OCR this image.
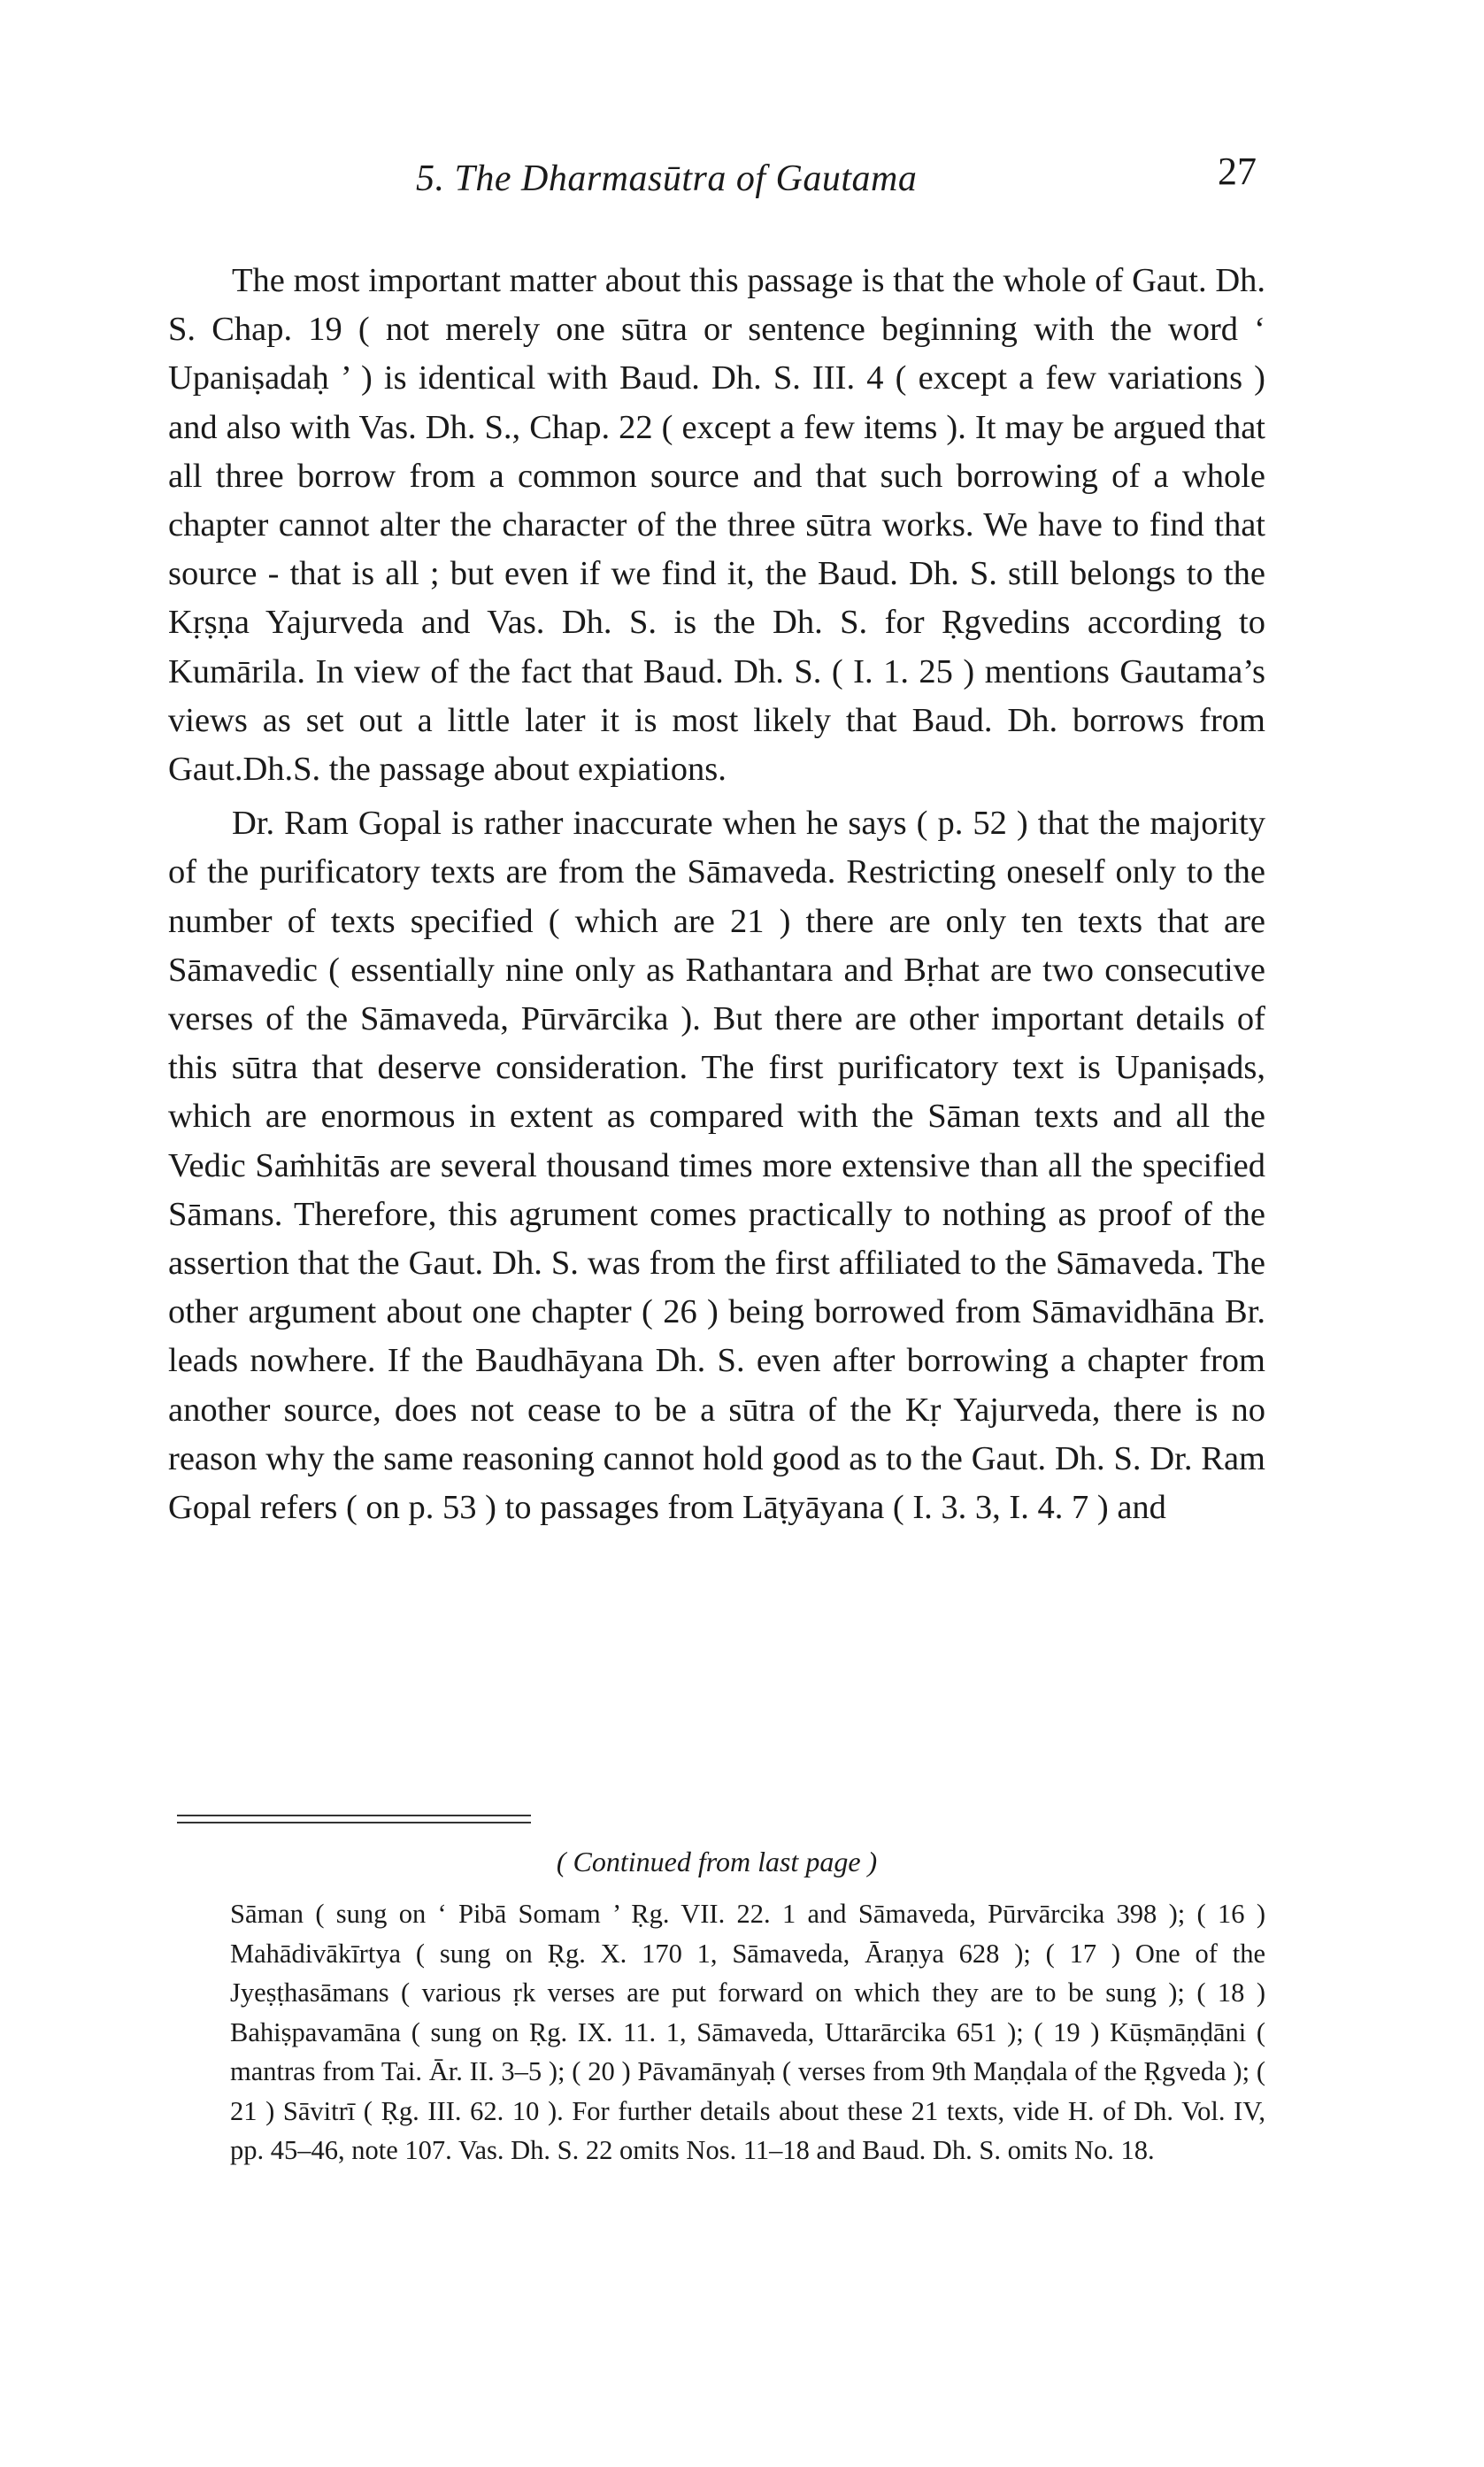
5. The Dharmasūtra of Gautama	27

The most important matter about this passage is that the whole of Gaut. Dh. S. Chap. 19 ( not merely one sūtra or sentence beginning with the word ‘ Upaniṣadaḥ ’ ) is identical with Baud. Dh. S. III. 4 ( except a few variations ) and also with Vas. Dh. S., Chap. 22 ( except a few items ). It may be argued that all three borrow from a common source and that such borrowing of a whole chapter cannot alter the character of the three sūtra works. We have to find that source - that is all ; but even if we find it, the Baud. Dh. S. still belongs to the Kṛṣṇa Yajurveda and Vas. Dh. S. is the Dh. S. for Ṛgvedins according to Kumārila. In view of the fact that Baud. Dh. S. ( I. 1. 25 ) mentions Gautama’s views as set out a little later it is most likely that Baud. Dh. borrows from Gaut.Dh.S. the passage about expiations.

Dr. Ram Gopal is rather inaccurate when he says ( p. 52 ) that the majority of the purificatory texts are from the Sāmaveda. Restricting oneself only to the number of texts specified ( which are 21 ) there are only ten texts that are Sāmavedic ( essentially nine only as Rathantara and Bṛhat are two consecutive verses of the Sāmaveda, Pūrvārcika ). But there are other important details of this sūtra that deserve consideration. The first purificatory text is Upaniṣads, which are enormous in extent as compared with the Sāman texts and all the Vedic Saṁhitās are several thousand times more extensive than all the specified Sāmans. Therefore, this agrument comes practically to nothing as proof of the assertion that the Gaut. Dh. S. was from the first affiliated to the Sāmaveda. The other argument about one chapter ( 26 ) being borrowed from Sāmavidhāna Br. leads nowhere. If the Baudhāyana Dh. S. even after borrowing a chapter from another source, does not cease to be a sūtra of the Kṛ Yajurveda, there is no reason why the same reasoning cannot hold good as to the Gaut. Dh. S. Dr. Ram Gopal refers ( on p. 53 ) to passages from Lāṭyāyana ( I. 3. 3, I. 4. 7 ) and

( Continued from last page )

Sāman ( sung on ‘ Pibā Somam ’ Ṛg. VII. 22. 1 and Sāmaveda, Pūrvārcika 398 ); ( 16 ) Mahādivākīrtya ( sung on Ṛg. X. 170 1, Sāmaveda, Āraṇya 628 ); ( 17 ) One of the Jyeṣṭhasāmans ( various ṛk verses are put forward on which they are to be sung ); ( 18 ) Bahiṣpavamāna ( sung on Ṛg. IX. 11. 1, Sāmaveda, Uttarārcika 651 ); ( 19 ) Kūṣmāṇḍāni ( mantras from Tai. Ār. II. 3–5 ); ( 20 ) Pāvamānyaḥ ( verses from 9th Maṇḍala of the Ṛgveda ); ( 21 ) Sāvitrī ( Ṛg. III. 62. 10 ). For further details about these 21 texts, vide H. of Dh. Vol. IV, pp. 45–46, note 107. Vas. Dh. S. 22 omits Nos. 11–18 and Baud. Dh. S. omits No. 18.
